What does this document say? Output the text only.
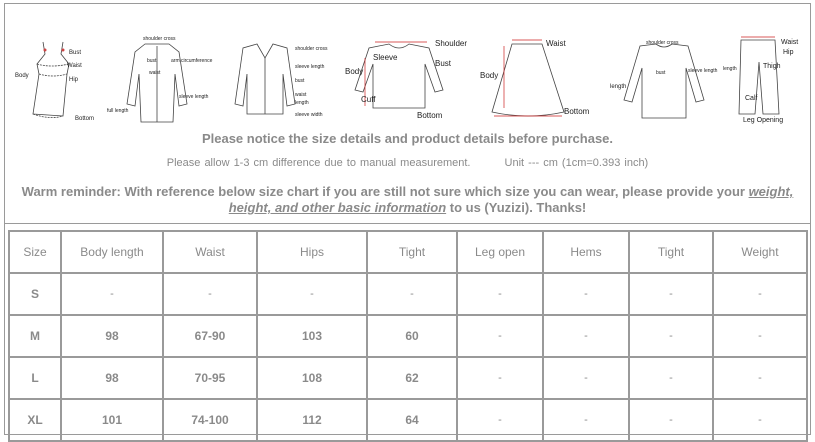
Bust
Waist
Body
Hip
Bottom
shoulder cross
bust	arm circumference
waist
sleeve length
full length
shoulder cross
sleeve length
bust
waist
length
sleeve width
Shoulder
Sleeve
Bust
Body
Cuff
Bottom
Waist
Body
Bottom
shoulder cross
bust	sleeve length
length
Waist
Hip
Thigh
length
Calf
Leg Opening
Please notice the size details and product details before purchase.
Please allow 1-3 cm difference due to manual measurement.	Unit --- cm (1cm=0.393 inch)
Warm reminder: With reference below size chart if you are still not sure which size you can wear, please provide your weight,
height, and other basic information to us (Yuzizi). Thanks!
Size	Body length	Waist	Hips	Tight	Leg open	Hems	Tight	Weight
S	-	-	-	-	-	-	-	-
M	98	67-90	103	60	-	-	-	-
L	98	70-95	108	62	-	-	-	-
XL	101	74-100	112	64	-	-	-	-
